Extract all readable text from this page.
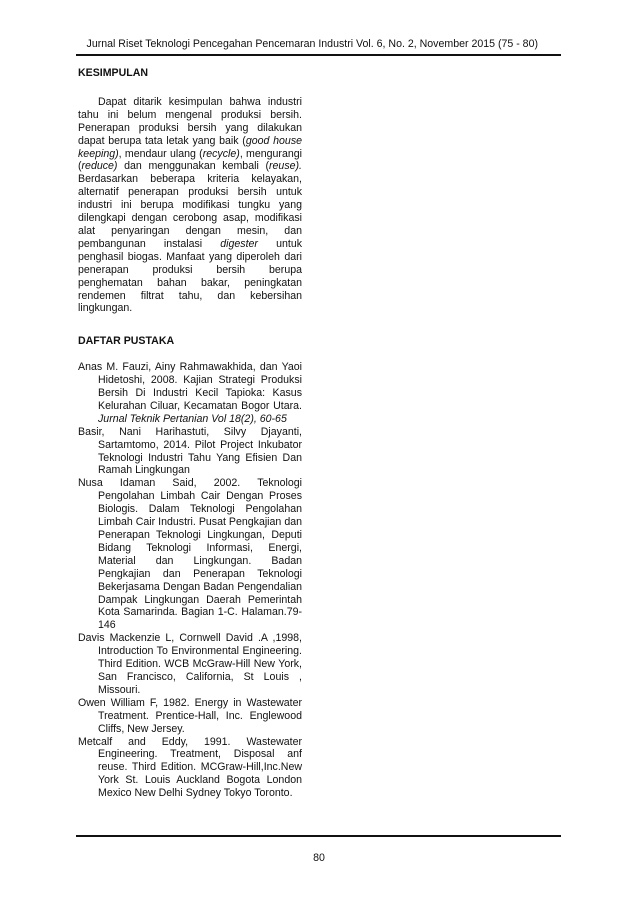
Jurnal Riset Teknologi Pencegahan Pencemaran Industri Vol. 6, No. 2, November 2015 (75 - 80)
KESIMPULAN

Dapat ditarik kesimpulan bahwa industri tahu ini belum mengenal produksi bersih. Penerapan produksi bersih yang dilakukan dapat berupa tata letak yang baik (good house keeping), mendaur ulang (recycle), mengurangi (reduce) dan menggunakan kembali (reuse). Berdasarkan beberapa kriteria kelayakan, alternatif penerapan produksi bersih untuk industri ini berupa modifikasi tungku yang dilengkapi dengan cerobong asap, modifikasi alat penyaringan dengan mesin, dan pembangunan instalasi digester untuk penghasil biogas. Manfaat yang diperoleh dari penerapan produksi bersih berupa penghematan bahan bakar, peningkatan rendemen filtrat tahu, dan kebersihan lingkungan.

DAFTAR PUSTAKA
Anas M. Fauzi, Ainy Rahmawakhida, dan Yaoi Hidetoshi, 2008. Kajian Strategi Produksi Bersih Di Industri Kecil Tapioka: Kasus Kelurahan Ciluar, Kecamatan Bogor Utara. Jurnal Teknik Pertanian Vol 18(2), 60-65
Basir, Nani Harihastuti, Silvy Djayanti, Sartamtomo, 2014. Pilot Project Inkubator Teknologi Industri Tahu Yang Efisien Dan Ramah Lingkungan
Nusa Idaman Said, 2002. Teknologi Pengolahan Limbah Cair Dengan Proses Biologis. Dalam Teknologi Pengolahan Limbah Cair Industri. Pusat Pengkajian dan Penerapan Teknologi Lingkungan, Deputi Bidang Teknologi Informasi, Energi, Material dan Lingkungan. Badan Pengkajian dan Penerapan Teknologi Bekerjasama Dengan Badan Pengendalian Dampak Lingkungan Daerah Pemerintah Kota Samarinda. Bagian 1-C. Halaman.79-146
Davis Mackenzie L, Cornwell David .A ,1998, Introduction To Environmental Engineering. Third Edition. WCB McGraw-Hill New York, San Francisco, California, St Louis , Missouri.
Owen William F, 1982. Energy in Wastewater Treatment. Prentice-Hall, Inc. Englewood Cliffs, New Jersey.
Metcalf and Eddy, 1991. Wastewater Engineering. Treatment, Disposal anf reuse. Third Edition. MCGraw-Hill,Inc.New York St. Louis Auckland Bogota London Mexico New Delhi Sydney Tokyo Toronto.
80
